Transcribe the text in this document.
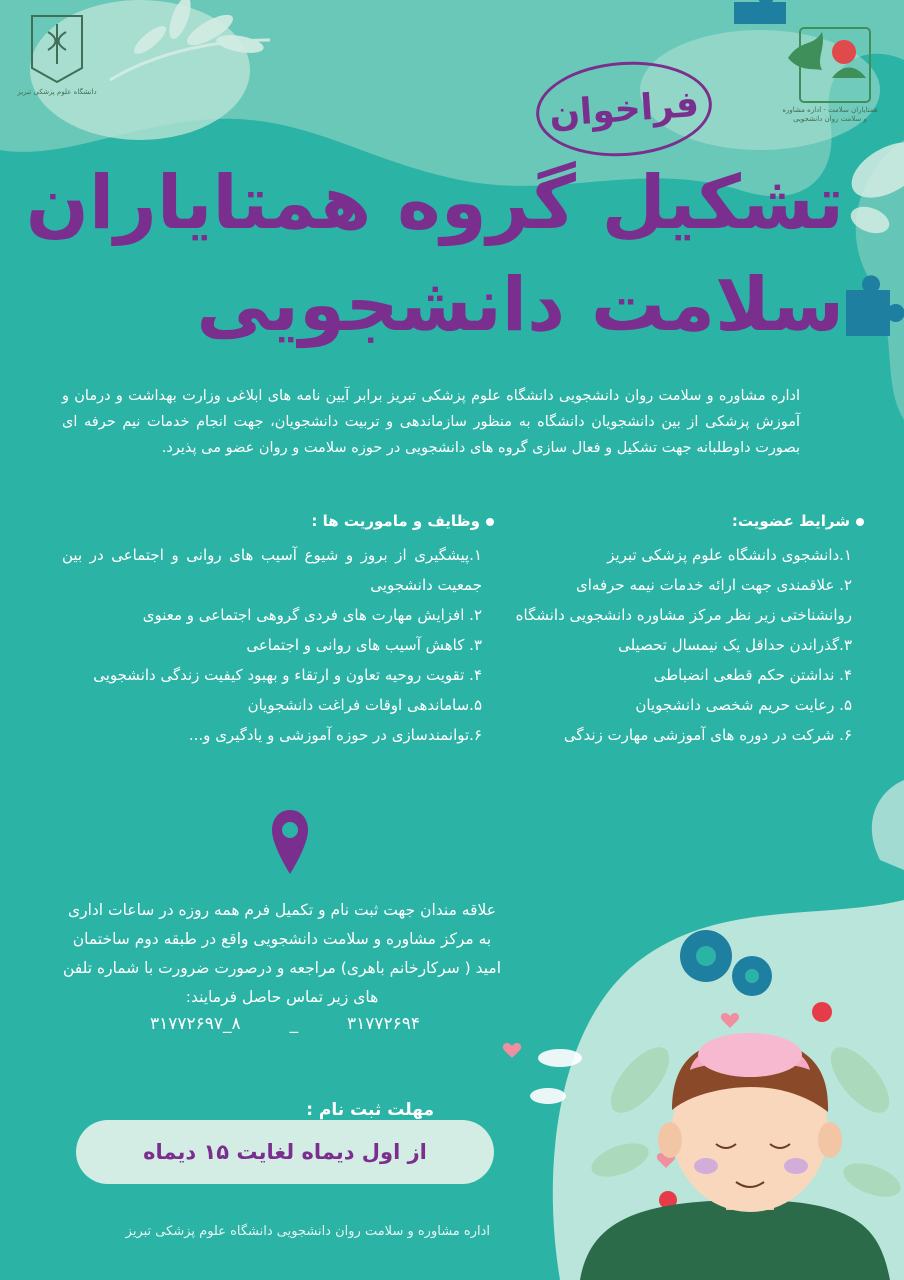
دانشگاه علوم پزشکی تبریز
همتایاران سلامت - اداره مشاوره و سلامت روان دانشجویی
فراخوان
تشکیل گروه همتایاران
سلامت دانشجویی

اداره مشاوره و سلامت روان دانشجویی دانشگاه علوم پزشکی تبریز برابر آیین نامه های ابلاغی وزارت بهداشت و درمان و آموزش پزشکی از بین دانشجویان دانشگاه به منظور سازماندهی و تربیت دانشجویان، جهت انجام خدمات نیم حرفه ای بصورت داوطلبانه جهت تشکیل و فعال سازی گروه های دانشجویی در حوزه سلامت و روان عضو می پذیرد.

شرایط عضویت:
۱.دانشجوی دانشگاه علوم پزشکی تبریز
۲. علاقمندی جهت ارائه خدمات نیمه حرفه‌ای روانشناختی زیر نظر مرکز مشاوره دانشجویی دانشگاه
۳.گذراندن حداقل یک نیمسال تحصیلی
۴. نداشتن حکم قطعی انضباطی
۵. رعایت حریم شخصی دانشجویان
۶. شرکت در دوره های آموزشی مهارت زندگی
وظایف و ماموریت ها :
۱.پیشگیری از بروز و شیوع آسیب های روانی و اجتماعی در بین جمعیت دانشجویی
۲. افزایش مهارت های فردی گروهی اجتماعی و معنوی
۳. کاهش آسیب های روانی و اجتماعی
۴. تقویت روحیه تعاون و ارتقاء و بهبود کیفیت زندگی دانشجویی
۵.ساماندهی اوقات فراغت دانشجویان
۶.توانمندسازی در حوزه آموزشی و یادگیری و...

علاقه مندان جهت ثبت نام و تکمیل فرم همه روزه در ساعات اداری به مرکز مشاوره و سلامت دانشجویی واقع در طبقه دوم ساختمان امید ( سرکارخانم باهری) مراجعه و درصورت ضرورت با شماره تلفن های زیر تماس حاصل فرمایند:

۳۱۷۷۲۶۹۷_۸	_	۳۱۷۷۲۶۹۴
مهلت ثبت نام :
از اول دیماه لغایت ۱۵ دیماه
اداره مشاوره و سلامت روان دانشجویی دانشگاه علوم پزشکی تبریز
